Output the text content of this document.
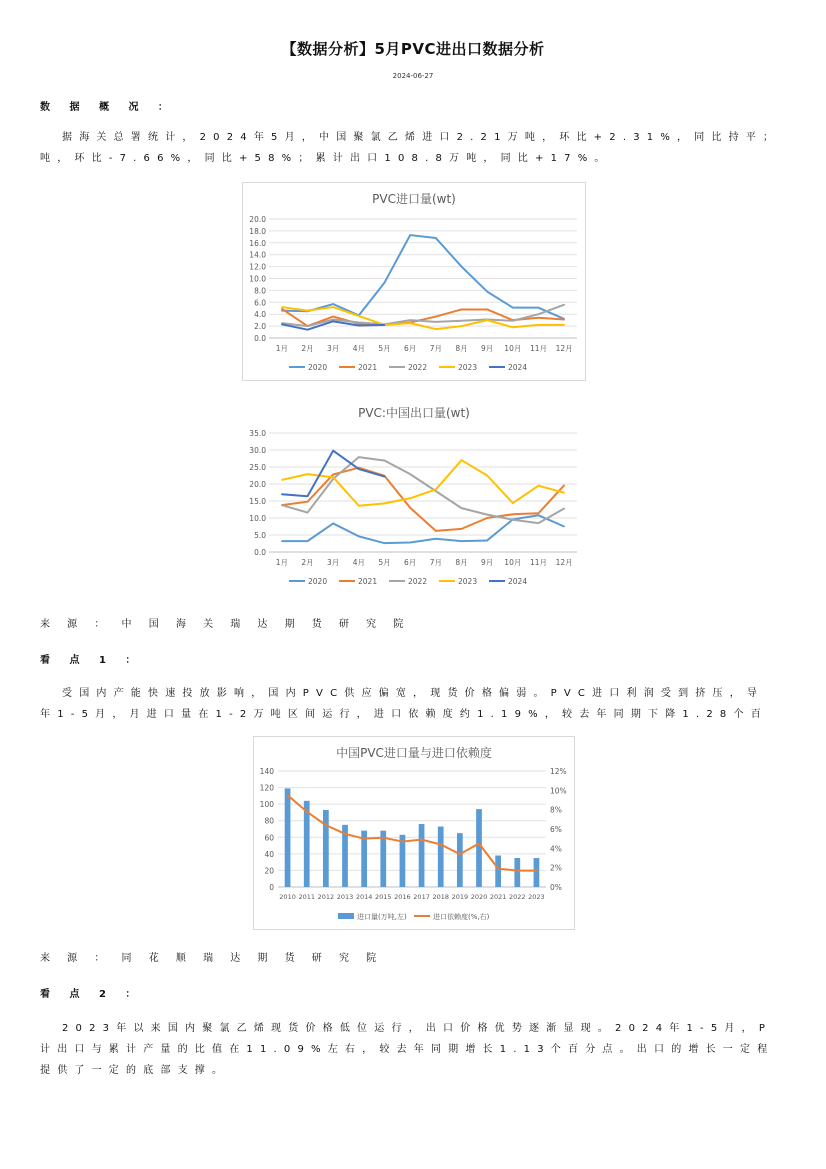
【数据分析】5月PVC进出口数据分析
2024-06-27
数 据 概 况 ：
据海关总署统计，2024年5月，中国聚氯乙烯进口2.21万吨，环比+2.31%，同比持平；
吨，环比-7.66%，同比+58%；累计出口108.8万吨，同比+17%。
PVC进口量(wt)
0.0
2.0
4.0
6.0
8.0
10.0
12.0
14.0
16.0
18.0
20.0
1月 2月 3月 4月 5月 6月 7月 8月 9月 10月 11月 12月
2020	2021	2022	2023	2024
PVC:中国出口量(wt)
0.0
5.0
10.0
15.0
20.0
25.0
30.0
35.0
1月 2月 3月 4月 5月 6月 7月 8月 9月 10月 11月 12月
2020	2021	2022	2023	2024
来 源 ： 中 国 海 关 瑞 达 期 货 研 究 院
看 点 1 ：
受国内产能快速投放影响，国内PVC供应偏宽，现货价格偏弱。PVC进口利润受到挤压，导
年1-5月，月进口量在1-2万吨区间运行，进口依赖度约1.19%，较去年同期下降1.28个百
中国PVC进口量与进口依赖度
0
20
40
60
80
100
120
140
0%
2%
4%
6%
8%
10%
12%
2010 2011 2012 2013 2014 2015 2016 2017 2018 2019 2020 2021 2022 2023
进口量(万吨,左)	进口依赖度(%,右)
来 源 ： 同 花 顺 瑞 达 期 货 研 究 院
看 点 2 ：
2023年以来国内聚氯乙烯现货价格低位运行，出口价格优势逐渐显现。2024年1-5月，P
计出口与累计产量的比值在11.09%左右，较去年同期增长1.13个百分点。出口的增长一定程
提供了一定的底部支撑。
